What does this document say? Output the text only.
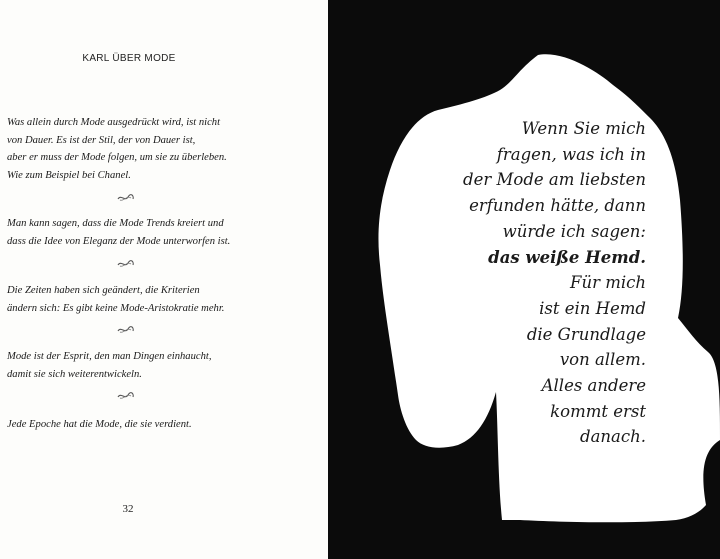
KARL ÜBER MODE
Was allein durch Mode ausgedrückt wird, ist nicht
von Dauer. Es ist der Stil, der von Dauer ist,
aber er muss der Mode folgen, um sie zu überleben.
Wie zum Beispiel bei Chanel.
Man kann sagen, dass die Mode Trends kreiert und
dass die Idee von Eleganz der Mode unterworfen ist.
Die Zeiten haben sich geändert, die Kriterien
ändern sich: Es gibt keine Mode-Aristokratie mehr.
Mode ist der Esprit, den man Dingen einhaucht,
damit sie sich weiterentwickeln.
Jede Epoche hat die Mode, die sie verdient.
32
Wenn Sie mich
fragen, was ich in
der Mode am liebsten
erfunden hätte, dann
würde ich sagen:
das weiße Hemd.
Für mich
ist ein Hemd
die Grundlage
von allem.
Alles andere
kommt erst
danach.
